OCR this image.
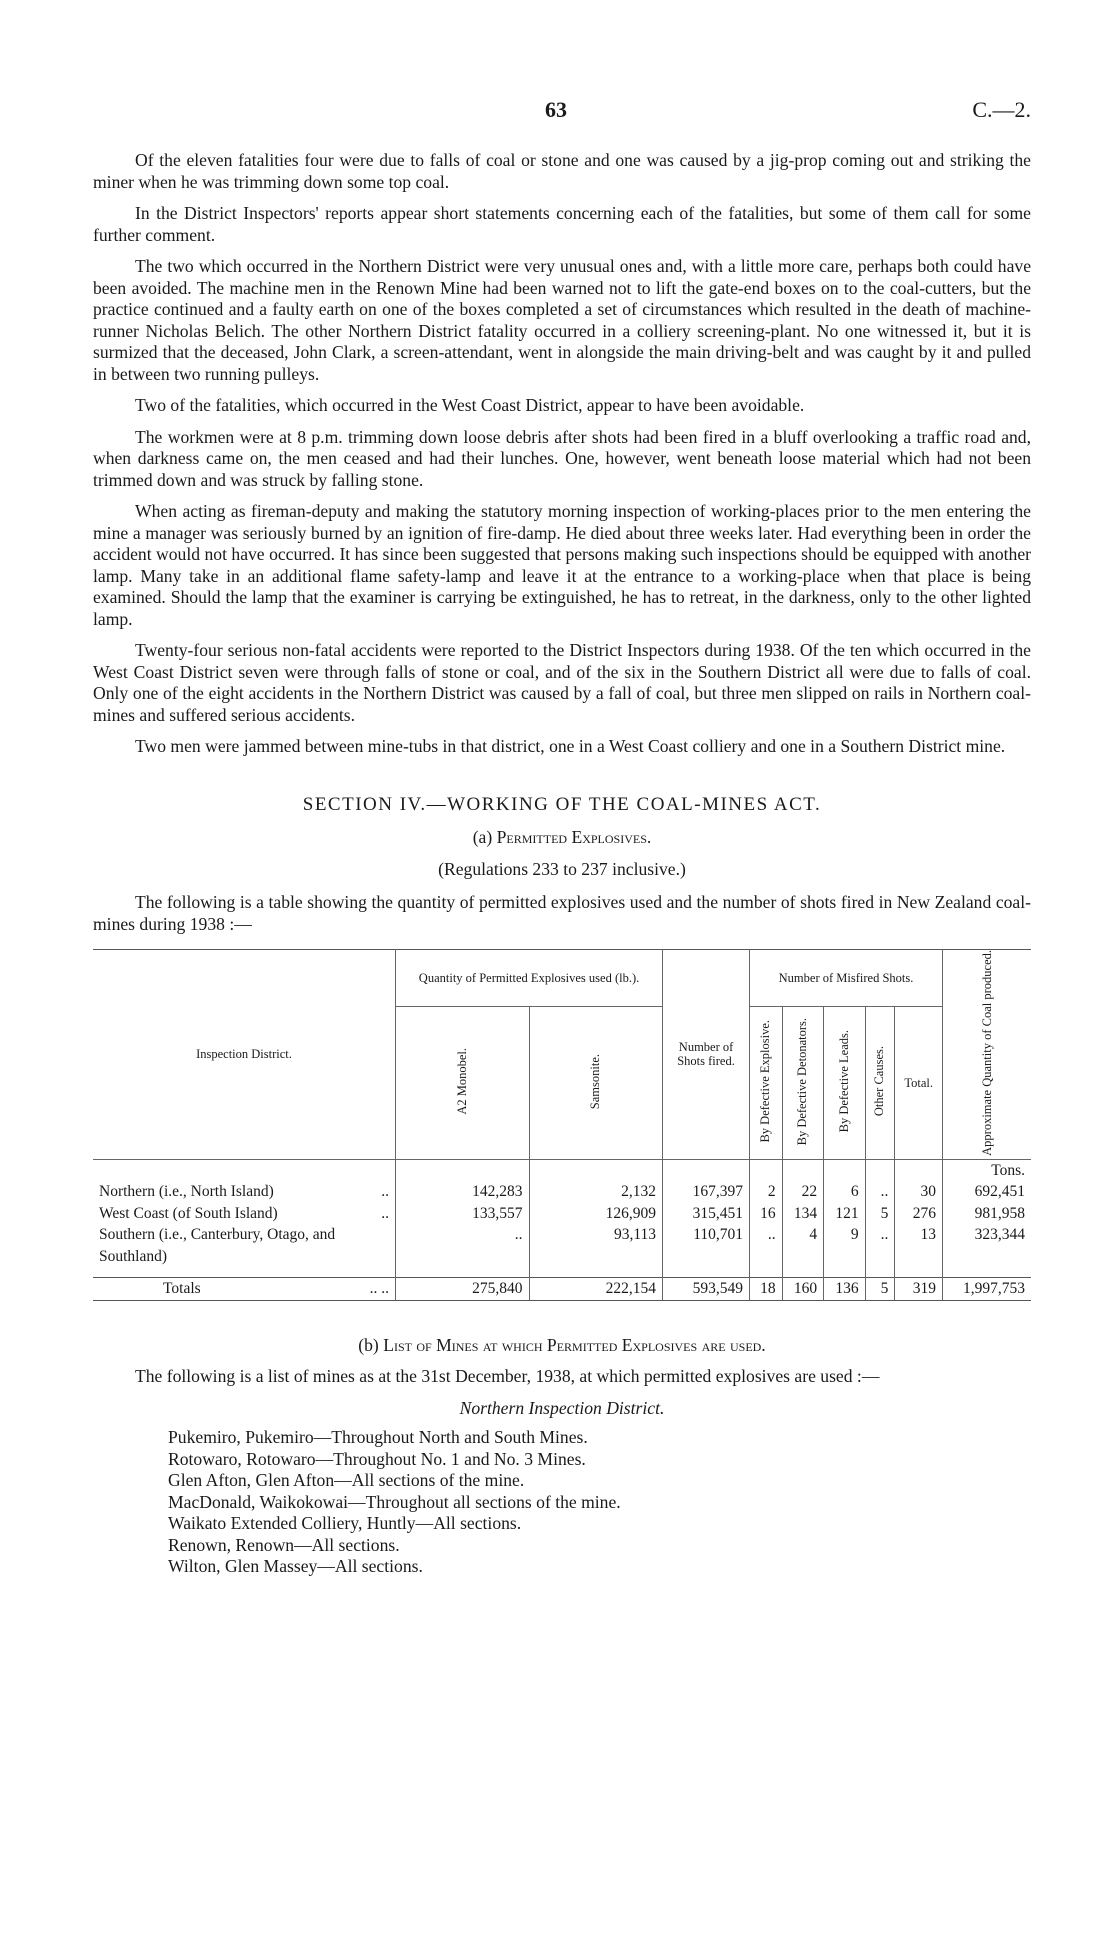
63	C.—2.

Of the eleven fatalities four were due to falls of coal or stone and one was caused by a jig-prop coming out and striking the miner when he was trimming down some top coal.

In the District Inspectors' reports appear short statements concerning each of the fatalities, but some of them call for some further comment.

The two which occurred in the Northern District were very unusual ones and, with a little more care, perhaps both could have been avoided. The machine men in the Renown Mine had been warned not to lift the gate-end boxes on to the coal-cutters, but the practice continued and a faulty earth on one of the boxes completed a set of circumstances which resulted in the death of machine-runner Nicholas Belich. The other Northern District fatality occurred in a colliery screening-plant. No one witnessed it, but it is surmized that the deceased, John Clark, a screen-attendant, went in alongside the main driving-belt and was caught by it and pulled in between two running pulleys.

Two of the fatalities, which occurred in the West Coast District, appear to have been avoidable.

The workmen were at 8 p.m. trimming down loose debris after shots had been fired in a bluff overlooking a traffic road and, when darkness came on, the men ceased and had their lunches. One, however, went beneath loose material which had not been trimmed down and was struck by falling stone.

When acting as fireman-deputy and making the statutory morning inspection of working-places prior to the men entering the mine a manager was seriously burned by an ignition of fire-damp. He died about three weeks later. Had everything been in order the accident would not have occurred. It has since been suggested that persons making such inspections should be equipped with another lamp. Many take in an additional flame safety-lamp and leave it at the entrance to a working-place when that place is being examined. Should the lamp that the examiner is carrying be extinguished, he has to retreat, in the darkness, only to the other lighted lamp.

Twenty-four serious non-fatal accidents were reported to the District Inspectors during 1938. Of the ten which occurred in the West Coast District seven were through falls of stone or coal, and of the six in the Southern District all were due to falls of coal. Only one of the eight accidents in the Northern District was caused by a fall of coal, but three men slipped on rails in Northern coal-mines and suffered serious accidents.

Two men were jammed between mine-tubs in that district, one in a West Coast colliery and one in a Southern District mine.

SECTION IV.—WORKING OF THE COAL-MINES ACT.
(a) Permitted Explosives.
(Regulations 233 to 237 inclusive.)

The following is a table showing the quantity of permitted explosives used and the number of shots fired in New Zealand coal-mines during 1938 :—

Inspection District.	Quantity of Permitted Explosives used (lb.).		Number of Shots fired.	Number of Misfired Shots.					Approximate Quantity of Coal produced.
	A2 Monobel.	Samsonite.		By Defective Explosive.	By Defective Detonators.	By Defective Leads.	Other Causes.	Total.	
									Tons.
Northern (i.e., North Island) ..	142,283	2,132	167,397	2	22	6	..	30	692,451
West Coast (of South Island) ..	133,557	126,909	315,451	16	134	121	5	276	981,958
Southern (i.e., Canterbury, Otago, and Southland)	..	93,113	110,701	..	4	9	..	13	323,344
Totals .. ..	275,840	222,154	593,549	18	160	136	5	319	1,997,753
(b) List of Mines at which Permitted Explosives are used.

The following is a list of mines as at the 31st December, 1938, at which permitted explosives are used :—

Northern Inspection District.
Pukemiro, Pukemiro—Throughout North and South Mines.
Rotowaro, Rotowaro—Throughout No. 1 and No. 3 Mines.
Glen Afton, Glen Afton—All sections of the mine.
MacDonald, Waikokowai—Throughout all sections of the mine.
Waikato Extended Colliery, Huntly—All sections.
Renown, Renown—All sections.
Wilton, Glen Massey—All sections.
